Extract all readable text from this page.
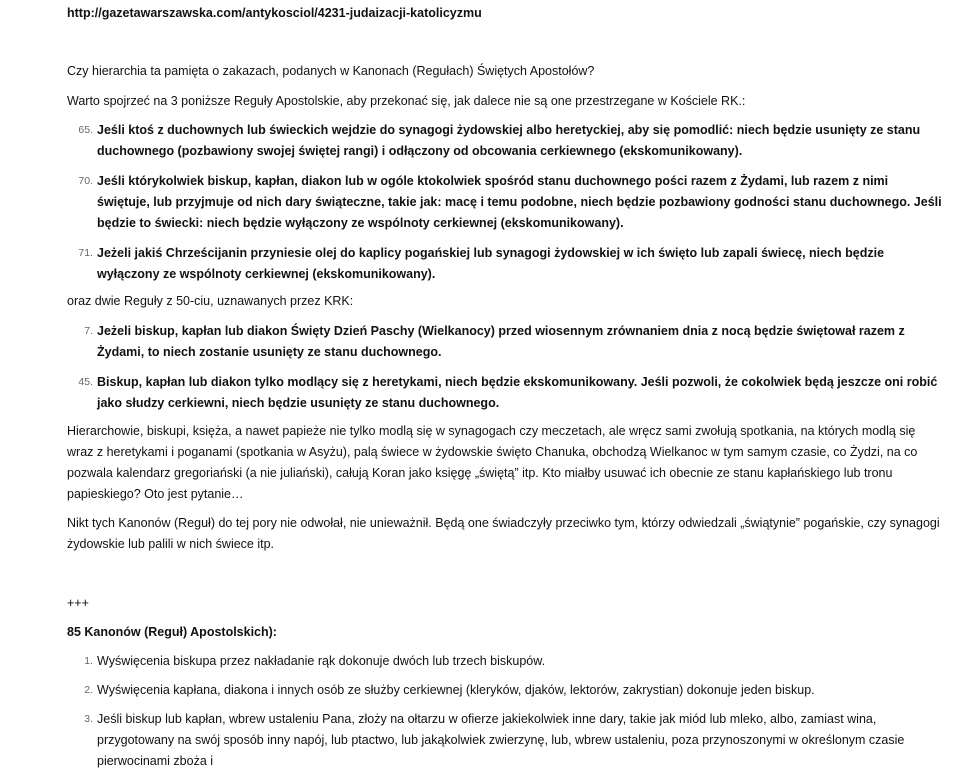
http://gazetawarszawska.com/antykosciol/4231-judaizacji-katolicyzmu
Czy hierarchia ta pamięta o zakazach, podanych w Kanonach (Regułach) Świętych Apostołów?
Warto spojrzeć na 3 poniższe Reguły Apostolskie, aby przekonać się, jak dalece nie są one przestrzegane w Kościele RK.:
65. Jeśli ktoś z duchownych lub świeckich wejdzie do synagogi żydowskiej albo heretyckiej, aby się pomodlić: niech będzie usunięty ze stanu duchownego (pozbawiony swojej świętej rangi) i odłączony od obcowania cerkiewnego (ekskomunikowany).
70. Jeśli którykolwiek biskup, kapłan, diakon lub w ogóle ktokolwiek spośród stanu duchownego pości razem z Żydami, lub razem z nimi świętuje, lub przyjmuje od nich dary świąteczne, takie jak: macę i temu podobne, niech będzie pozbawiony godności stanu duchownego. Jeśli będzie to świecki: niech będzie wyłączony ze wspólnoty cerkiewnej (ekskomunikowany).
71. Jeżeli jakiś Chrześcijanin przyniesie olej do kaplicy pogańskiej lub synagogi żydowskiej w ich święto lub zapali świecę, niech będzie wyłączony ze wspólnoty cerkiewnej (ekskomunikowany).
oraz dwie Reguły z 50-ciu, uznawanych przez KRK:
7. Jeżeli biskup, kapłan lub diakon Święty Dzień Paschy (Wielkanocy) przed wiosennym zrównaniem dnia z nocą będzie świętował razem z Żydami, to niech zostanie usunięty ze stanu duchownego.
45. Biskup, kapłan lub diakon tylko modlący się z heretykami, niech będzie ekskomunikowany. Jeśli pozwoli, że cokolwiek będą jeszcze oni robić jako słudzy cerkiewni, niech będzie usunięty ze stanu duchownego.
Hierarchowie, biskupi, księża, a nawet papieże nie tylko modlą się w synagogach czy meczetach, ale wręcz sami zwołują spotkania, na których modlą się wraz z heretykami i poganami (spotkania w Asyżu), palą świece w żydowskie święto Chanuka, obchodzą Wielkanoc w tym samym czasie, co Żydzi, na co pozwala kalendarz gregoriański (a nie juliański), całują Koran jako księgę „świętą” itp. Kto miałby usuwać ich obecnie ze stanu kapłańskiego lub tronu papieskiego? Oto jest pytanie…
Nikt tych Kanonów (Reguł) do tej pory nie odwołał, nie unieważnił. Będą one świadczyły przeciwko tym, którzy odwiedzali „świątynie” pogańskie, czy synagogi żydowskie lub palili w nich świece itp.
+++
85 Kanonów (Reguł) Apostolskich):
1. Wyświęcenia biskupa przez nakładanie rąk dokonuje dwóch lub trzech biskupów.
2. Wyświęcenia kapłana, diakona i innych osób ze służby cerkiewnej (kleryków, djaków, lektorów, zakrystian) dokonuje jeden biskup.
3. Jeśli biskup lub kapłan, wbrew ustaleniu Pana, złoży na ołtarzu w ofierze jakiekolwiek inne dary, takie jak miód lub mleko, albo, zamiast wina, przygotowany na swój sposób inny napój, lub ptactwo, lub jakąkolwiek zwierzynę, lub, wbrew ustaleniu, poza przynoszonymi w określonym czasie pierwocinami zboża i
